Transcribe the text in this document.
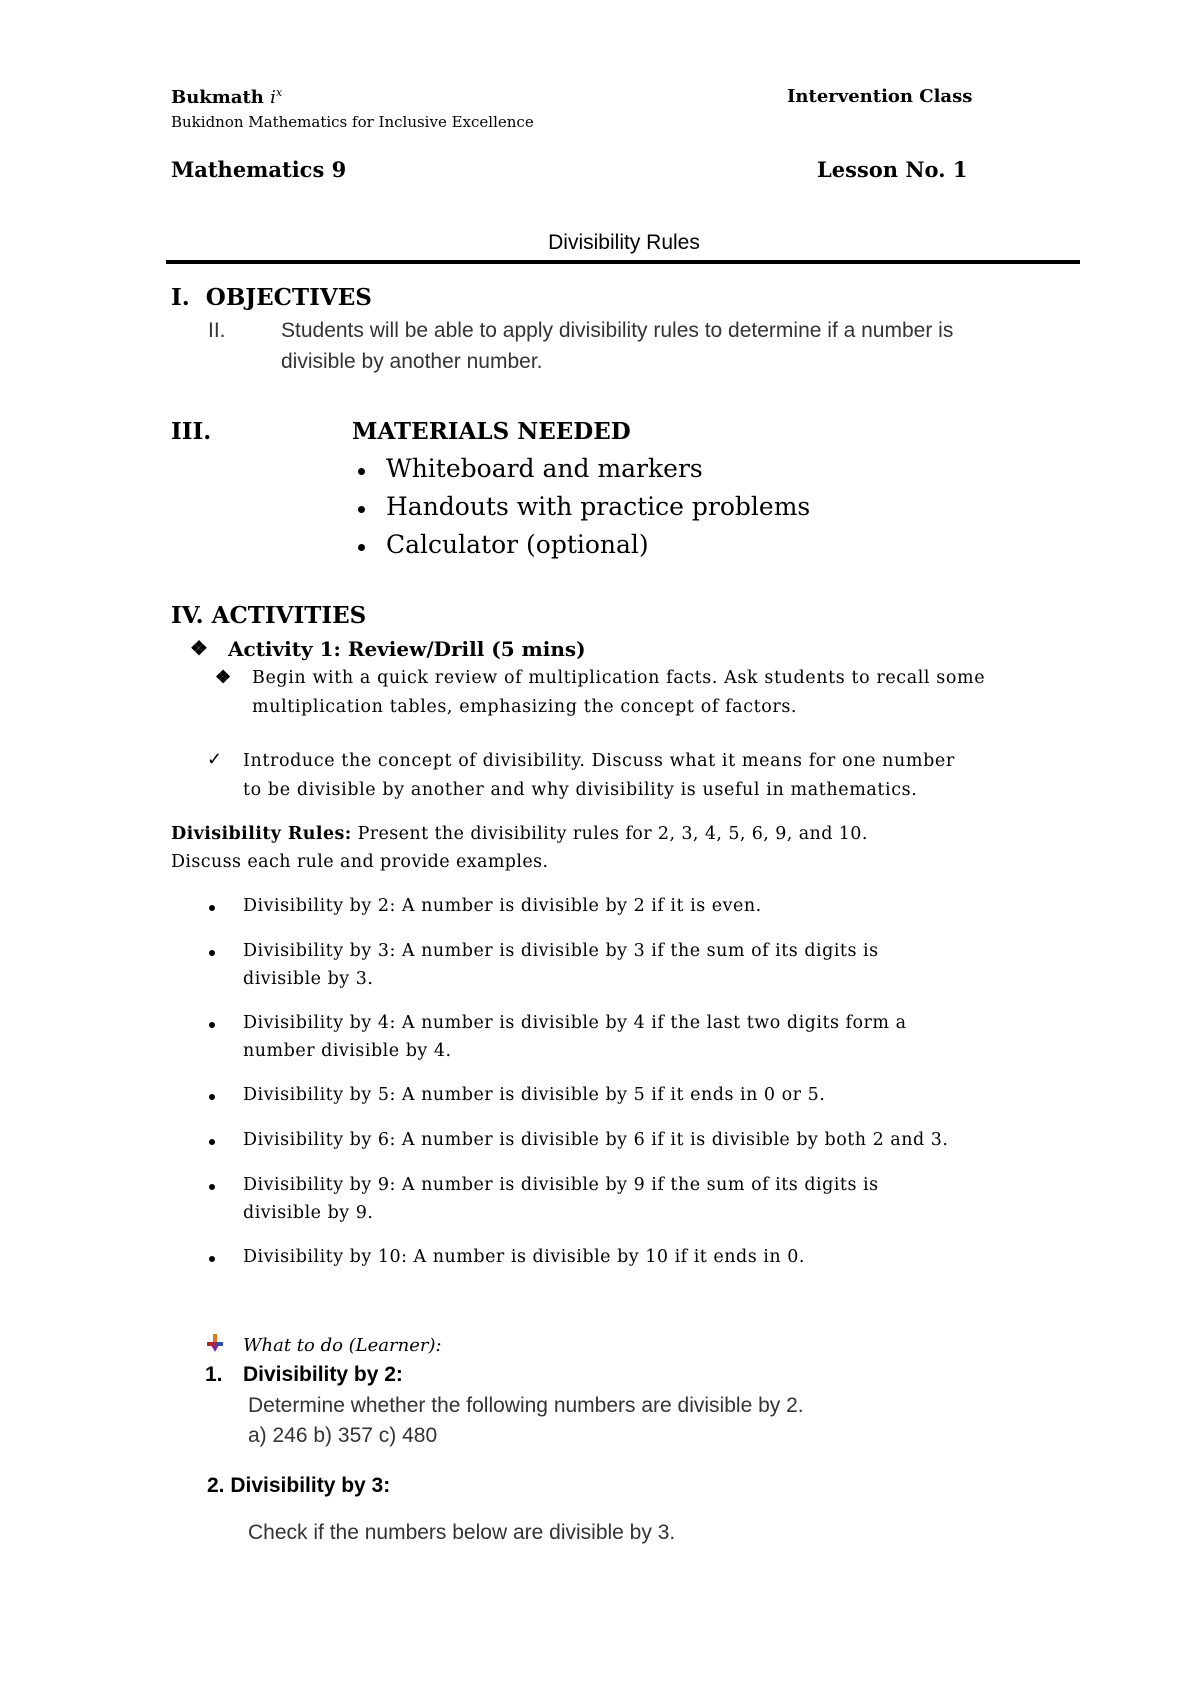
Bukmath $i^x$	Intervention Class
Bukidnon Mathematics for Inclusive Excellence
Mathematics 9	Lesson No. 1
Divisibility Rules
I. OBJECTIVES
II.	Students will be able to apply divisibility rules to determine if a number is
divisible by another number.
III.	MATERIALS NEEDED
Whiteboard and markers
Handouts with practice problems
Calculator (optional)
IV. ACTIVITIES
❖ Activity 1: Review/Drill (5 mins)
❖ Begin with a quick review of multiplication facts. Ask students to recall some
multiplication tables, emphasizing the concept of factors.
✓ Introduce the concept of divisibility. Discuss what it means for one number
to be divisible by another and why divisibility is useful in mathematics.
Divisibility Rules: Present the divisibility rules for 2, 3, 4, 5, 6, 9, and 10.
Discuss each rule and provide examples.
Divisibility by 2: A number is divisible by 2 if it is even.
Divisibility by 3: A number is divisible by 3 if the sum of its digits is
divisible by 3.
Divisibility by 4: A number is divisible by 4 if the last two digits form a
number divisible by 4.
Divisibility by 5: A number is divisible by 5 if it ends in 0 or 5.
Divisibility by 6: A number is divisible by 6 if it is divisible by both 2 and 3.
Divisibility by 9: A number is divisible by 9 if the sum of its digits is
divisible by 9.
Divisibility by 10: A number is divisible by 10 if it ends in 0.
What to do (Learner):
1. Divisibility by 2:
Determine whether the following numbers are divisible by 2.
a) 246 b) 357 c) 480
2. Divisibility by 3:
Check if the numbers below are divisible by 3.
